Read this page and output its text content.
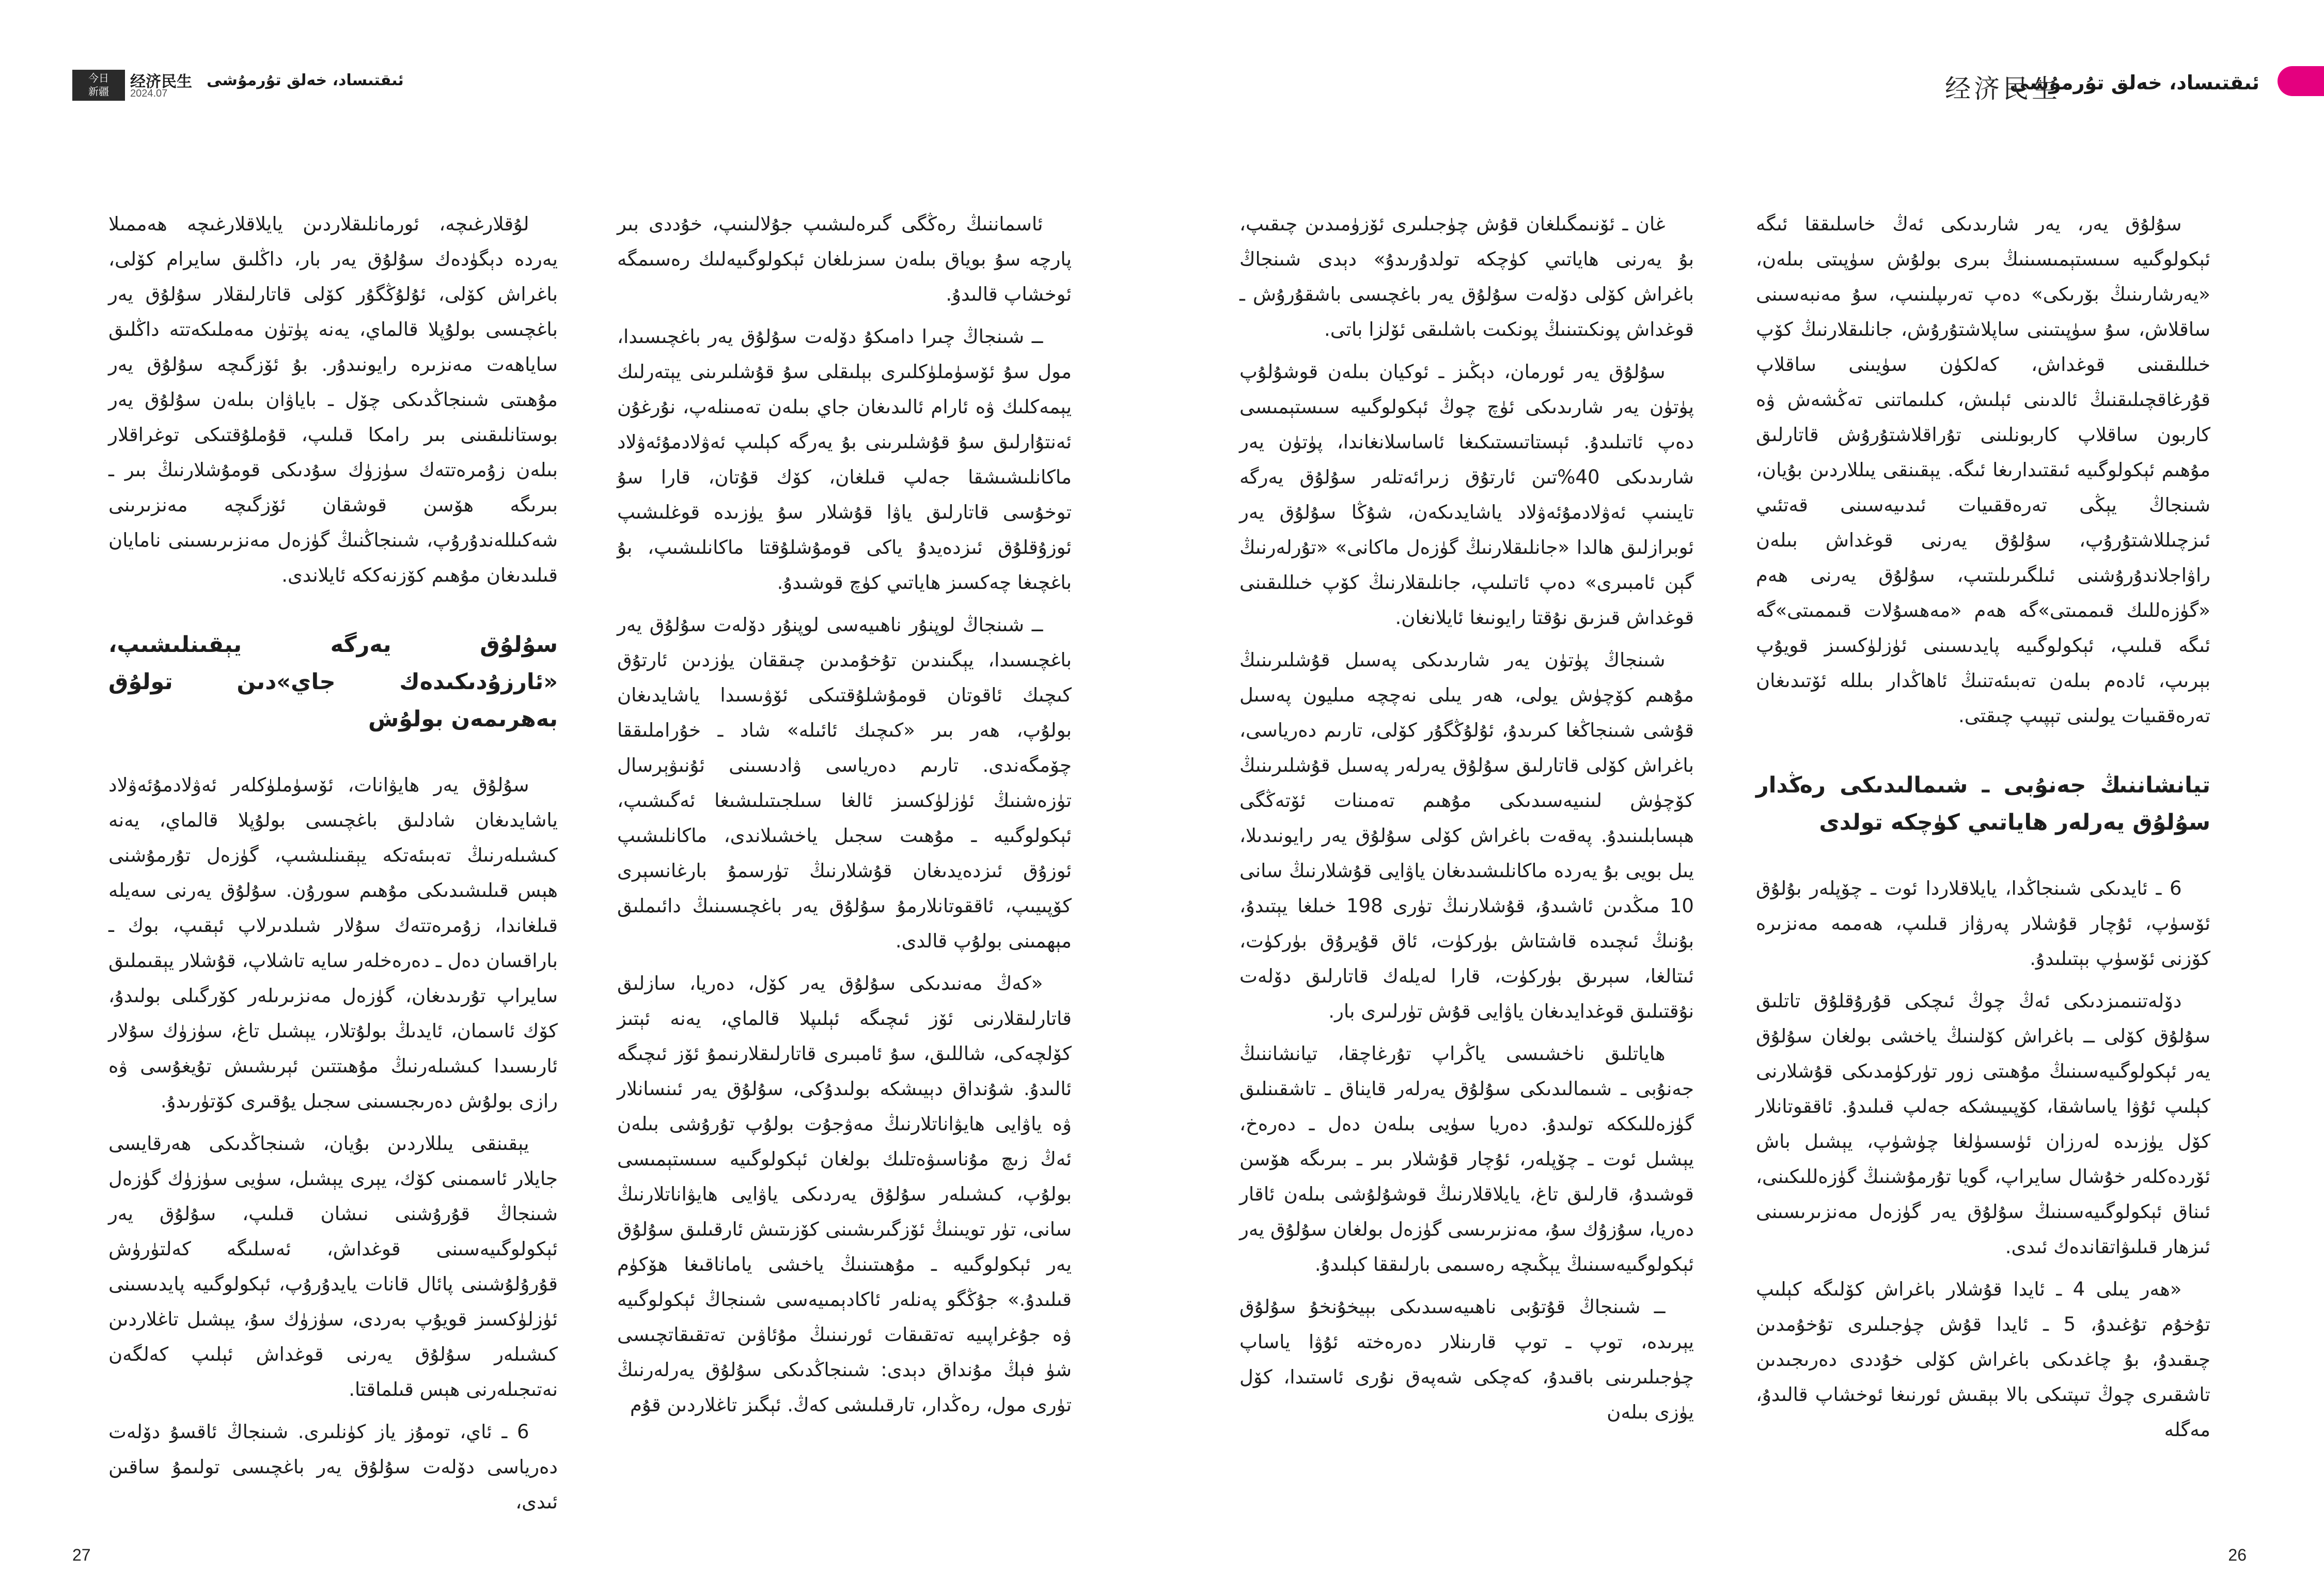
ئىقتىساد، خەلق تۇرمۇشى
经济民生
今日
新疆
经济民生
2024.07
ئىقتىساد، خەلق تۇرمۇشى

لۇقلارغىچە، ئورمانلىقلاردىن يايلاقلارغىچە ھەممىلا يەردە دېگۈدەك سۇلۇق يەر بار، داڭلىق سايرام كۆلى، باغراش كۆلى، ئۇلۇڭگۇر كۆلى قاتارلىقلار سۇلۇق يەر باغچىسى بولۇپلا قالماي، يەنە پۈتۈن مەملىكەتتە داڭلىق ساياھەت مەنزىرە رايونىدۇر. بۇ ئۆزگىچە سۇلۇق يەر مۇھىتى شىنجاڭدىكى چۆل ـ باياۋان بىلەن سۇلۇق يەر بوستانلىقىنى بىر رامكا قىلىپ، قۇملۇقتىكى توغراقلار بىلەن زۇمرەتتەك سۈزۈك سۇدىكى قومۇشلارنىڭ بىر ـ بىرىگە ھۆسن قوشقان ئۆزگىچە مەنزىرىنى شەكىللەندۇرۇپ، شىنجاڭنىڭ گۈزەل مەنزىرىسىنى نامايان قىلىدىغان مۇھىم كۆزنەككە ئايلاندى.

سۇلۇق يەرگە يېقىنلىشىپ، «ئارزۇدىكىدەك جاي»دىن تولۇق بەھرىمەن بولۇش

سۇلۇق يەر ھايۋانات، ئۆسۈملۈكلەر ئەۋلادمۇئەۋلاد ياشايدىغان شادلىق باغچىسى بولۇپلا قالماي، يەنە كىشىلەرنىڭ تەبىئەتكە يېقىنلىشىپ، گۈزەل تۇرمۇشنى ھېس قىلىشىدىكى مۇھىم سورۇن. سۇلۇق يەرنى سەيلە قىلغاندا، زۇمرەتتەك سۇلار شىلدىرلاپ ئېقىپ، بوك ـ باراقسان دەل ـ دەرەخلەر سايە تاشلاپ، قۇشلار يېقىملىق سايراپ تۇرىدىغان، گۈزەل مەنزىرىلەر كۆرگىلى بولىدۇ، كۆك ئاسمان، ئايدىڭ بولۇتلار، يېشىل تاغ، سۈزۈك سۇلار ئارىسىدا كىشىلەرنىڭ مۇھىتتىن ئېرىشىش تۇيغۇسى ۋە رازى بولۇش دەرىجىسىنى سجىل يۇقىرى كۆتۈرىدۇ.

يېقىنقى يىللاردىن بۇيان، شىنجاڭدىكى ھەرقايسى جايلار ئاسمىنى كۆك، يېرى يېشىل، سۈيى سۈزۈك گۈزەل شىنجاڭ قۇرۇشنى نىشان قىلىپ، سۇلۇق يەر ئېكولوگىيەسىنى قوغداش، ئەسلىگە كەلتۈرۈش قۇرۇلۇشىنى پائال قانات يايدۇرۇپ، ئېكولوگىيە پايدىسىنى ئۈزلۈكسىز قويۇپ بەردى، سۈزۈك سۇ، يېشىل تاغلاردىن كىشىلەر سۇلۇق يەرنى قوغداش ئېلىپ كەلگەن نەتىجىلەرنى ھېس قىلماقتا.

6 ـ ئاي، تومۇز ياز كۈنلىرى. شىنجاڭ ئاقسۇ دۆلەت دەرياسى دۆلەت سۇلۇق يەر باغچىسى تولىمۇ ساقىن ئىدى،

ئاسماننىڭ رەڭگى گىرەلىشىپ جۇلالىنىپ، خۇددى بىر پارچە سۇ بوياق بىلەن سىزىلغان ئېكولوگىيەلىك رەسىمگە ئوخشاپ قالىدۇ.

ــ شىنجاڭ چىرا دامىكۇ دۆلەت سۇلۇق يەر باغچىسىدا، مول سۇ ئۆسۈملۈكلىرى بېلىقلى سۇ قۇشلىرىنى يېتەرلىك يېمەكلىك ۋە ئارام ئالىدىغان جاي بىلەن تەمىنلەپ، نۇرغۇن ئەنتۇارلىق سۇ قۇشلىرىنى بۇ يەرگە كېلىپ ئەۋلادمۇئەۋلاد ماكانلىشىشقا جەلپ قىلغان، كۆك قۇتان، قارا سۇ توخۇسى قاتارلىق ياۋا قۇشلار سۇ يۈزىدە قوغلىشىپ ئوزۇقلۇق ئىزدەيدۇ ياكى قومۇشلۇقتا ماكانلىشىپ، بۇ باغچىغا چەكسىز ھاياتىي كۈچ قوشىدۇ.

ــ شىنجاڭ لوپنۇر ناھىيەسى لوپنۇر دۆلەت سۇلۇق يەر باغچىسىدا، يېگىندىن تۇخۇمدىن چىققان يۈزدىن ئارتۇق كىچىك ئاقوتان قومۇشلۇقتىكى ئۆۋىسىدا ياشايدىغان بولۇپ، ھەر بىر «كىچىك ئائىلە» شاد ـ خۇراملىققا چۆمگەندى. تارىم دەرياسى ۋادىسىنى ئۇنىۋېرسال تۈزەشنىڭ ئۈزلۈكسىز ئالغا سىلجىتىلىشىغا ئەگىشىپ، ئېكولوگىيە ـ مۇھىت سجىل ياخشىلاندى، ماكانلىشىپ ئوزۇق ئىزدەيدىغان قۇشلارنىڭ تۈرسمۇ بارغانسېرى كۆپىيىپ، ئاققوتانلارمۇ سۇلۇق يەر باغچىسىنىڭ دائىملىق مېھمىنى بولۇپ قالدى.

«كەڭ مەنىدىكى سۇلۇق يەر كۆل، دەريا، سازلىق قاتارلىقلارنى ئۆز ئىچىگە ئېلىپلا قالماي، يەنە ئېتىز كۆلچەكى، شاللىق، سۇ ئامبىرى قاتارلىقلارنىمۇ ئۆز ئىچىگە ئالىدۇ. شۇنداق دېيىشكە بولىدۇكى، سۇلۇق يەر ئىنسانلار ۋە ياۋايى ھايۋاناتلارنىڭ مەۋجۇت بولۇپ تۇرۇشى بىلەن ئەڭ زىچ مۇناسىۋەتلىك بولغان ئېكولوگىيە سىستېمىسى بولۇپ، كىشىلەر سۇلۇق يەردىكى ياۋايى ھايۋاناتلارنىڭ سانى، تۈر تويىنىڭ ئۆزگىرىشىنى كۆزىتىش ئارقىلىق سۇلۇق يەر ئېكولوگىيە ـ مۇھىتىنىڭ ياخشى ياماناقىغا ھۆكۈم قىلىدۇ.» جۇڭگو پەنلەر ئاكادېمىيەسى شىنجاڭ ئېكولوگىيە ۋە جۇغراپىيە تەتقىقات ئورنىنىڭ مۇئاۋىن تەتقىقاتچىسى شۈ فېڭ مۇنداق دېدى: شىنجاڭدىكى سۇلۇق يەرلەرنىڭ تۈرى مول، رەڭدار، تارقىلىشى كەڭ. ئېگىز تاغلاردىن قۇم

غان ـ ئۆنىمگىلغان قۇش چۈجىلىرى ئۆزۈمىدىن چىقىپ، بۇ يەرنى ھاياتىي كۈچكە تولدۇرىدۇ» دېدى شىنجاڭ باغراش كۆلى دۆلەت سۇلۇق يەر باغچىسى باشقۇرۇش ـ قوغداش پونكىتىنىڭ پونكىت باشلىقى ئۆلزا باتى.

سۇلۇق يەر ئورمان، دېڭىز ـ ئوكيان بىلەن قوشۇلۇپ پۈتۈن يەر شارىدىكى ئۈچ چوڭ ئېكولوگىيە سىستېمىسى دەپ ئاتىلىدۇ. ئېستاتىستىكىغا ئاساسلانغاندا، پۈتۈن يەر شارىدىكى 40%تىن ئارتۇق زىرائەتلەر سۇلۇق يەرگە تايىنىپ ئەۋلادمۇئەۋلاد ياشايدىكەن، شۇڭا سۇلۇق يەر ئوبرازلىق ھالدا «جانلىقلارنىڭ گۈزەل ماكانى» «تۇرلەرنىڭ گېن ئامبىرى» دەپ ئاتىلىپ، جانلىقلارنىڭ كۆپ خىللىقىنى قوغداش قىزىق نۇقتا رايونىغا ئايلانغان.

شىنجاڭ پۈتۈن يەر شارىدىكى پەسىل قۇشلىرىنىڭ مۇھىم كۆچۈش يولى، ھەر يىلى نەچچە مىليون پەسىل قۇشى شىنجاڭغا كىرىدۇ، ئۇلۇڭگۇر كۆلى، تارىم دەرياسى، باغراش كۆلى قاتارلىق سۇلۇق يەرلەر پەسىل قۇشلىرىنىڭ كۆچۈش لىنىيەسىدىكى مۇھىم تەمىنات ئۆتەڭگى ھېسابلىنىدۇ. پەقەت باغراش كۆلى سۇلۇق يەر رايونىدىلا، يىل بويى بۇ يەردە ماكانلىشىدىغان ياۋايى قۇشلارنىڭ سانى 10 مىڭدىن ئاشىدۇ، قۇشلارنىڭ تۈرى 198 خىلغا يېتىدۇ، بۇنىڭ ئىچىدە قاشتاش بۈركۈت، ئاق قۇيرۇق بۈركۈت، ئىتالغا، سېرىق بۈركۈت، قارا لەيلەك قاتارلىق دۆلەت نۇقتىلىق قوغدايدىغان ياۋايى قۇش تۈرلىرى بار.

ھاياتلىق ناخشىسى ياڭراپ تۇرغاچقا، تيانشاننىڭ جەنۇبى ـ شىمالىدىكى سۇلۇق يەرلەر قايناق ـ تاشقىنلىق گۈزەللىككە تولىدۇ. دەريا سۈيى بىلەن دەل ـ دەرەخ، يېشىل ئوت ـ چۆپلەر، ئۇچار قۇشلار بىر ـ بىرىگە ھۆسن قوشىدۇ، قارلىق تاغ، يايلاقلارنىڭ قوشۇلۇشى بىلەن ئاقار دەريا، سۇزۇك سۇ، مەنزىرىسى گۈزەل بولغان سۇلۇق يەر ئېكولوگىيەسىنىڭ يېڭىچە رەسىمى بارلىققا كېلىدۇ.

ــ شىنجاڭ قۇتۇبى ناھىيەسىدىكى بېيخۇنخۇ سۇلۇق يېرىدە، توپ ـ توپ قارىنلار دەرەختە ئۇۋا ياساپ چۈجىلىرىنى باقىدۇ، كەچكى شەپەق نۇرى ئاستىدا، كۆل يۈزى بىلەن

سۇلۇق يەر، يەر شارىدىكى ئەڭ خاسلىققا ئىگە ئېكولوگىيە سىستېمىسىنىڭ بىرى بولۇش سۈپىتى بىلەن، «يەرشارىنىڭ بۆرىكى» دەپ تەرىپلىنىپ، سۇ مەنبەسىنى ساقلاش، سۇ سۈپىتىنى ساپلاشتۇرۇش، جانلىقلارنىڭ كۆپ خىللىقىنى قوغداش، كەلكۈن سۈيىنى ساقلاپ قۇرغاقچىلىقنىڭ ئالدىنى ئېلىش، كىلىماتنى تەڭشەش ۋە كاربون ساقلاپ كاربونلىنى تۇراقلاشتۇرۇش قاتارلىق مۇھىم ئېكولوگىيە ئىقتىدارىغا ئىگە. يېقىنقى يىللاردىن بۇيان، شىنجاڭ يېڭى تەرەققىيات ئىدىيەسىنى قەتئىي ئىزچىللاشتۇرۇپ، سۇلۇق يەرنى قوغداش بىلەن راۋاجلاندۇرۇشنى ئىلگىرىلىتىپ، سۇلۇق يەرنى ھەم «گۈزەللىك قىممىتى»گە ھەم «مەھسۇلات قىممىتى»گە ئىگە قىلىپ، ئېكولوگىيە پايدىسىنى ئۈزلۈكسىز قويۇپ بېرىپ، ئادەم بىلەن تەبىئەتنىڭ ئاھاڭدار بىللە ئۆتىدىغان تەرەققىيات يولىنى تېپىپ چىقتى.

تيانشاننىڭ جەنۇبى ـ شىمالىدىكى رەڭدار سۇلۇق يەرلەر ھاياتىي كۈچكە تولدى

6 ـ ئايدىكى شىنجاڭدا، يايلاقلاردا ئوت ـ چۆپلەر بۇلۇق ئۆسۈپ، ئۇچار قۇشلار پەرۋاز قىلىپ، ھەممە مەنزىرە كۆزنى ئۆسۈپ بېتىلىدۇ.

دۆلەتنىمىزدىكى ئەڭ چوڭ ئىچكى قۇرۇقلۇق تاتلىق سۇلۇق كۆلى ــ باغراش كۆلىنىڭ ياخشى بولغان سۇلۇق يەر ئېكولوگىيەسىنىڭ مۇھىتى زور تۈركۈمدىكى قۇشلارنى كېلىپ ئۇۋا ياساشقا، كۆپىيىشكە جەلپ قىلىدۇ. ئاققوتانلار كۆل يۈزىدە لەرزان ئۈسسۈلغا چۈشۈپ، يېشىل باش ئۆردەكلەر خۇشال سايراپ، گويا تۇرمۇشنىڭ گۈزەللىكىنى، ئىناق ئېكولوگىيەسىنىڭ سۇلۇق يەر گۈزەل مەنزىرىسىنى ئىزھار قىلىۋاتقاندەك ئىدى.

«ھەر يىلى 4 ـ ئايدا قۇشلار باغراش كۆلىگە كېلىپ تۇخۇم تۇغىدۇ، 5 ـ ئايدا قۇش چۈجىلىرى تۇخۇمدىن چىقىدۇ، بۇ چاغدىكى باغراش كۆلى خۇددى دەرىجىدىن تاشقىرى چوڭ تىپتىكى بالا بېقىش ئورنىغا ئوخشاپ قالىدۇ، مەگلە

27	26
